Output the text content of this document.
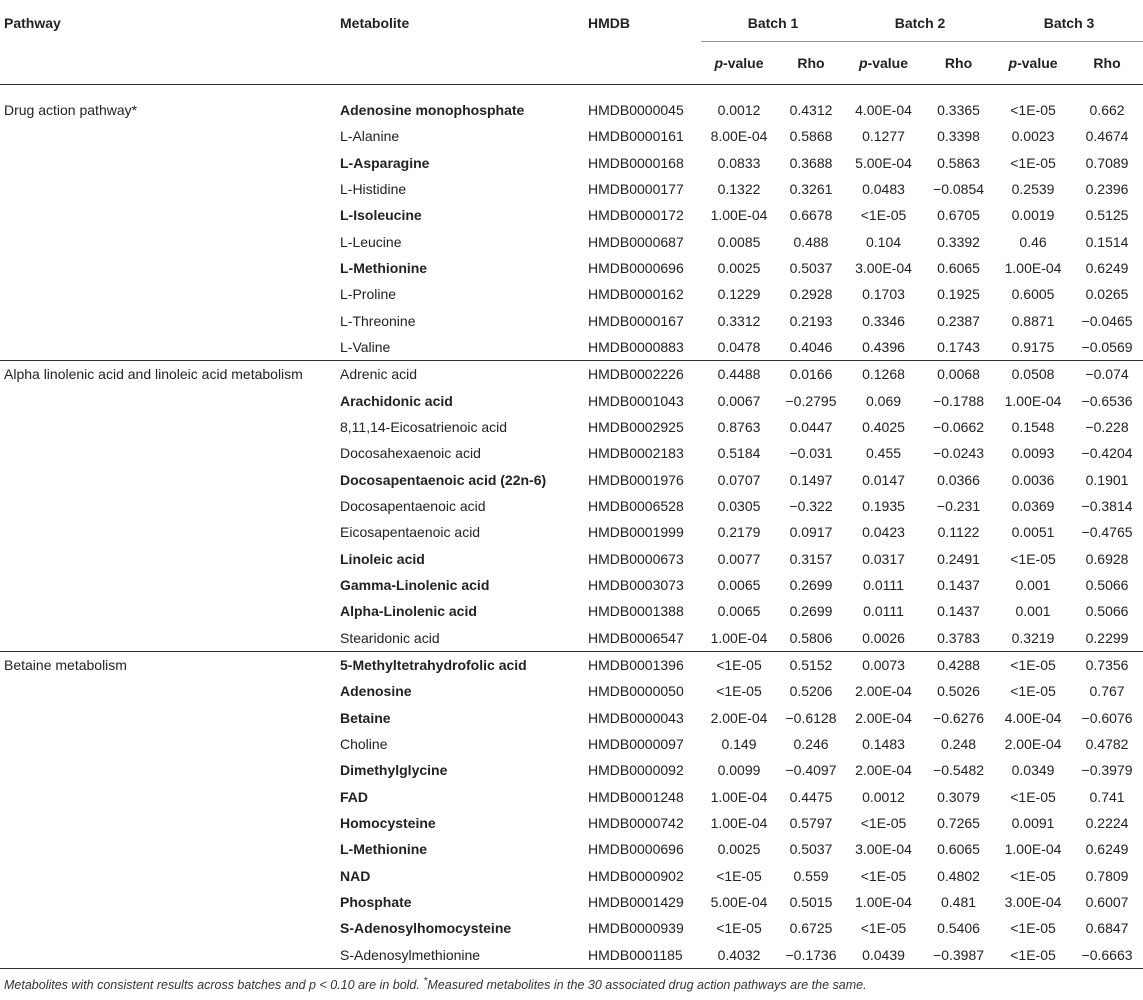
Pathway	Metabolite	HMDB	Batch 1		Batch 2		Batch 3	
			p-value	Rho	p-value	Rho	p-value	Rho
Drug action pathway*	Adenosine monophosphate	HMDB0000045	0.0012	0.4312	4.00E-04	0.3365	<1E-05	0.662
	L-Alanine	HMDB0000161	8.00E-04	0.5868	0.1277	0.3398	0.0023	0.4674
	L-Asparagine	HMDB0000168	0.0833	0.3688	5.00E-04	0.5863	<1E-05	0.7089
	L-Histidine	HMDB0000177	0.1322	0.3261	0.0483	−0.0854	0.2539	0.2396
	L-Isoleucine	HMDB0000172	1.00E-04	0.6678	<1E-05	0.6705	0.0019	0.5125
	L-Leucine	HMDB0000687	0.0085	0.488	0.104	0.3392	0.46	0.1514
	L-Methionine	HMDB0000696	0.0025	0.5037	3.00E-04	0.6065	1.00E-04	0.6249
	L-Proline	HMDB0000162	0.1229	0.2928	0.1703	0.1925	0.6005	0.0265
	L-Threonine	HMDB0000167	0.3312	0.2193	0.3346	0.2387	0.8871	−0.0465
	L-Valine	HMDB0000883	0.0478	0.4046	0.4396	0.1743	0.9175	−0.0569
Alpha linolenic acid and linoleic acid metabolism	Adrenic acid	HMDB0002226	0.4488	0.0166	0.1268	0.0068	0.0508	−0.074
	Arachidonic acid	HMDB0001043	0.0067	−0.2795	0.069	−0.1788	1.00E-04	−0.6536
	8,11,14-Eicosatrienoic acid	HMDB0002925	0.8763	0.0447	0.4025	−0.0662	0.1548	−0.228
	Docosahexaenoic acid	HMDB0002183	0.5184	−0.031	0.455	−0.0243	0.0093	−0.4204
	Docosapentaenoic acid (22n-6)	HMDB0001976	0.0707	0.1497	0.0147	0.0366	0.0036	0.1901
	Docosapentaenoic acid	HMDB0006528	0.0305	−0.322	0.1935	−0.231	0.0369	−0.3814
	Eicosapentaenoic acid	HMDB0001999	0.2179	0.0917	0.0423	0.1122	0.0051	−0.4765
	Linoleic acid	HMDB0000673	0.0077	0.3157	0.0317	0.2491	<1E-05	0.6928
	Gamma-Linolenic acid	HMDB0003073	0.0065	0.2699	0.0111	0.1437	0.001	0.5066
	Alpha-Linolenic acid	HMDB0001388	0.0065	0.2699	0.0111	0.1437	0.001	0.5066
	Stearidonic acid	HMDB0006547	1.00E-04	0.5806	0.0026	0.3783	0.3219	0.2299
Betaine metabolism	5-Methyltetrahydrofolic acid	HMDB0001396	<1E-05	0.5152	0.0073	0.4288	<1E-05	0.7356
	Adenosine	HMDB0000050	<1E-05	0.5206	2.00E-04	0.5026	<1E-05	0.767
	Betaine	HMDB0000043	2.00E-04	−0.6128	2.00E-04	−0.6276	4.00E-04	−0.6076
	Choline	HMDB0000097	0.149	0.246	0.1483	0.248	2.00E-04	0.4782
	Dimethylglycine	HMDB0000092	0.0099	−0.4097	2.00E-04	−0.5482	0.0349	−0.3979
	FAD	HMDB0001248	1.00E-04	0.4475	0.0012	0.3079	<1E-05	0.741
	Homocysteine	HMDB0000742	1.00E-04	0.5797	<1E-05	0.7265	0.0091	0.2224
	L-Methionine	HMDB0000696	0.0025	0.5037	3.00E-04	0.6065	1.00E-04	0.6249
	NAD	HMDB0000902	<1E-05	0.559	<1E-05	0.4802	<1E-05	0.7809
	Phosphate	HMDB0001429	5.00E-04	0.5015	1.00E-04	0.481	3.00E-04	0.6007
	S-Adenosylhomocysteine	HMDB0000939	<1E-05	0.6725	<1E-05	0.5406	<1E-05	0.6847
	S-Adenosylmethionine	HMDB0001185	0.4032	−0.1736	0.0439	−0.3987	<1E-05	−0.6663
Metabolites with consistent results across batches and p < 0.10 are in bold. *Measured metabolites in the 30 associated drug action pathways are the same.
